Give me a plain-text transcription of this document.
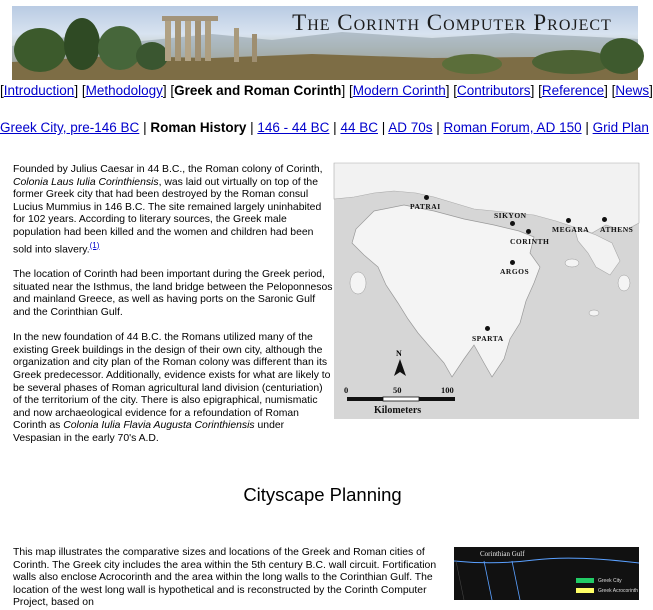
The Corinth Computer Project
[Introduction] [Methodology] [Greek and Roman Corinth] [Modern Corinth] [Contributors] [Reference] [News]
Greek City, pre-146 BC | Roman History | 146 - 44 BC | 44 BC | AD 70s | Roman Forum, AD 150 | Grid Plan

Founded by Julius Caesar in 44 B.C., the Roman colony of Corinth, Colonia Laus Iulia Corinthiensis, was laid out virtually on top of the former Greek city that had been destroyed by the Roman consul Lucius Mummius in 146 B.C. The site remained largely uninhabited for 102 years. According to literary sources, the Greek male population had been killed and the women and children had been sold into slavery.$^{(1)}$

The location of Corinth had been important during the Greek period, situated near the Isthmus, the land bridge between the Peloponnesos and mainland Greece, as well as having ports on the Saronic Gulf and the Corinthian Gulf.

In the new foundation of 44 B.C. the Romans utilized many of the existing Greek buildings in the design of their own city, although the organization and city plan of the Roman colony was different than its Greek predecessor. Additionally, evidence exists for what are likely to be several phases of Roman agricultural land division (centuriation) of the territorium of the city. There is also epigraphical, numismatic and now archaeological evidence for a refoundation of Roman Corinth as Colonia Iulia Flavia Augusta Corinthiensis under Vespasian in the early 70's A.D.

PATRAI
SIKYON
CORINTH
MEGARA ATHENS
ARGOS
SPARTA
N
0	50	100
Kilometers
Cityscape Planning
This map illustrates the comparative sizes and locations of the Greek and Roman cities of Corinth. The Greek city includes the area within the 5th century B.C. wall circuit. Fortification walls also enclose Acrocorinth and the area within the long walls to the Corinthian Gulf. The location of the west long wall is hypothetical and is reconstructed by the Corinth Computer Project, based on
Corinthian Gulf
Greek City
Greek Acrocorinth
